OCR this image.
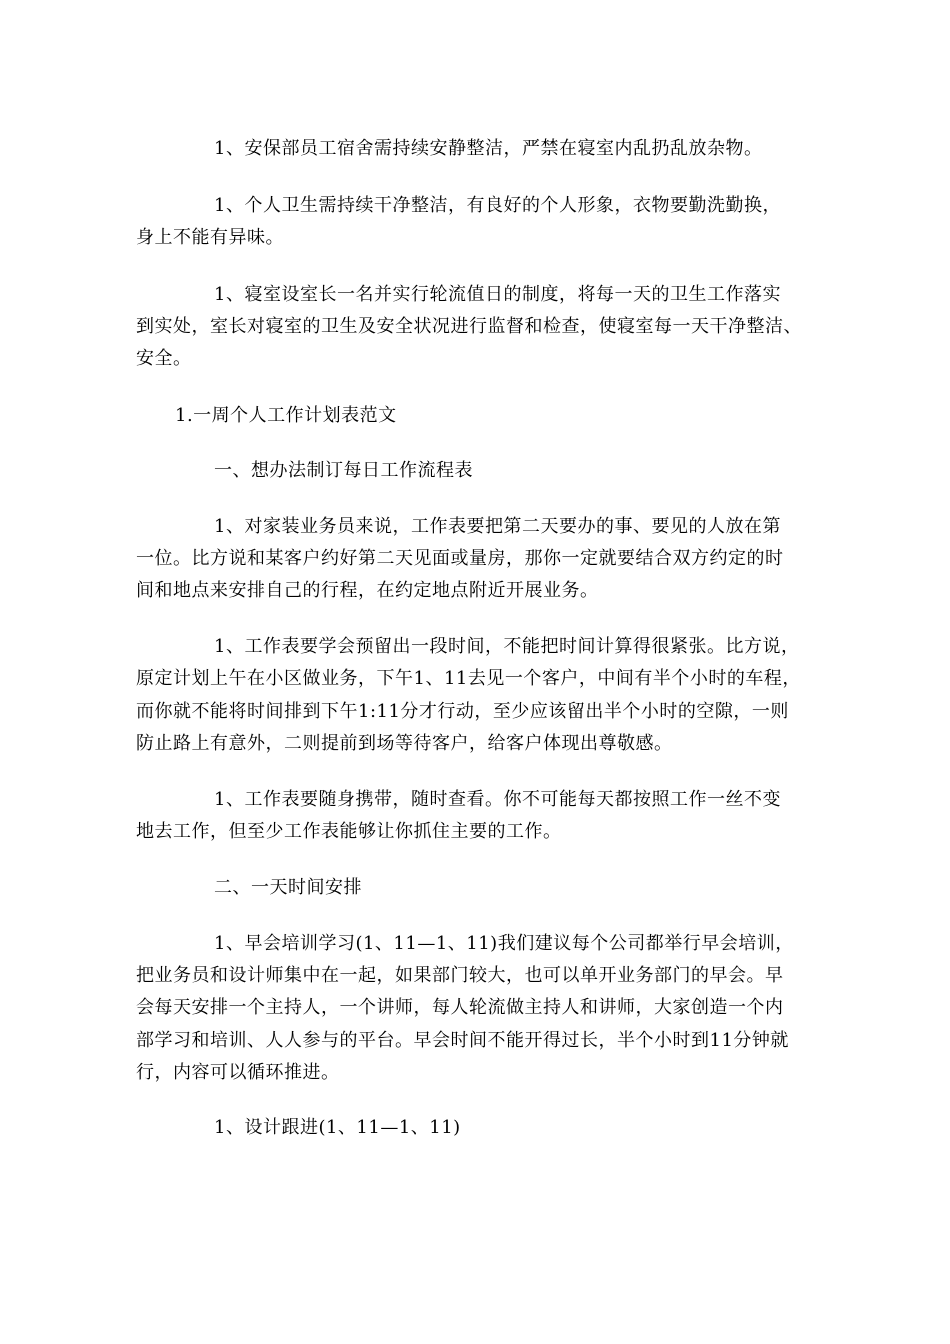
1、安保部员工宿舍需持续安静整洁，严禁在寝室内乱扔乱放杂物。
1、个人卫生需持续干净整洁，有良好的个人形象，衣物要勤洗勤换，
身上不能有异味。
1、寝室设室长一名并实行轮流值日的制度，将每一天的卫生工作落实
到实处，室长对寝室的卫生及安全状况进行监督和检查，使寝室每一天干净整洁、
安全。
1.一周个人工作计划表范文
一、想办法制订每日工作流程表
1、对家装业务员来说，工作表要把第二天要办的事、要见的人放在第
一位。比方说和某客户约好第二天见面或量房，那你一定就要结合双方约定的时
间和地点来安排自己的行程，在约定地点附近开展业务。
1、工作表要学会预留出一段时间，不能把时间计算得很紧张。比方说，
原定计划上午在小区做业务，下午1、11去见一个客户，中间有半个小时的车程，
而你就不能将时间排到下午1:11分才行动，至少应该留出半个小时的空隙，一则
防止路上有意外，二则提前到场等待客户，给客户体现出尊敬感。
1、工作表要随身携带，随时查看。你不可能每天都按照工作一丝不变
地去工作，但至少工作表能够让你抓住主要的工作。
二、一天时间安排
1、早会培训学习(1、11—1、11)我们建议每个公司都举行早会培训，
把业务员和设计师集中在一起，如果部门较大，也可以单开业务部门的早会。早
会每天安排一个主持人，一个讲师，每人轮流做主持人和讲师，大家创造一个内
部学习和培训、人人参与的平台。早会时间不能开得过长，半个小时到11分钟就
行，内容可以循环推进。
1、设计跟进(1、11—1、11)
